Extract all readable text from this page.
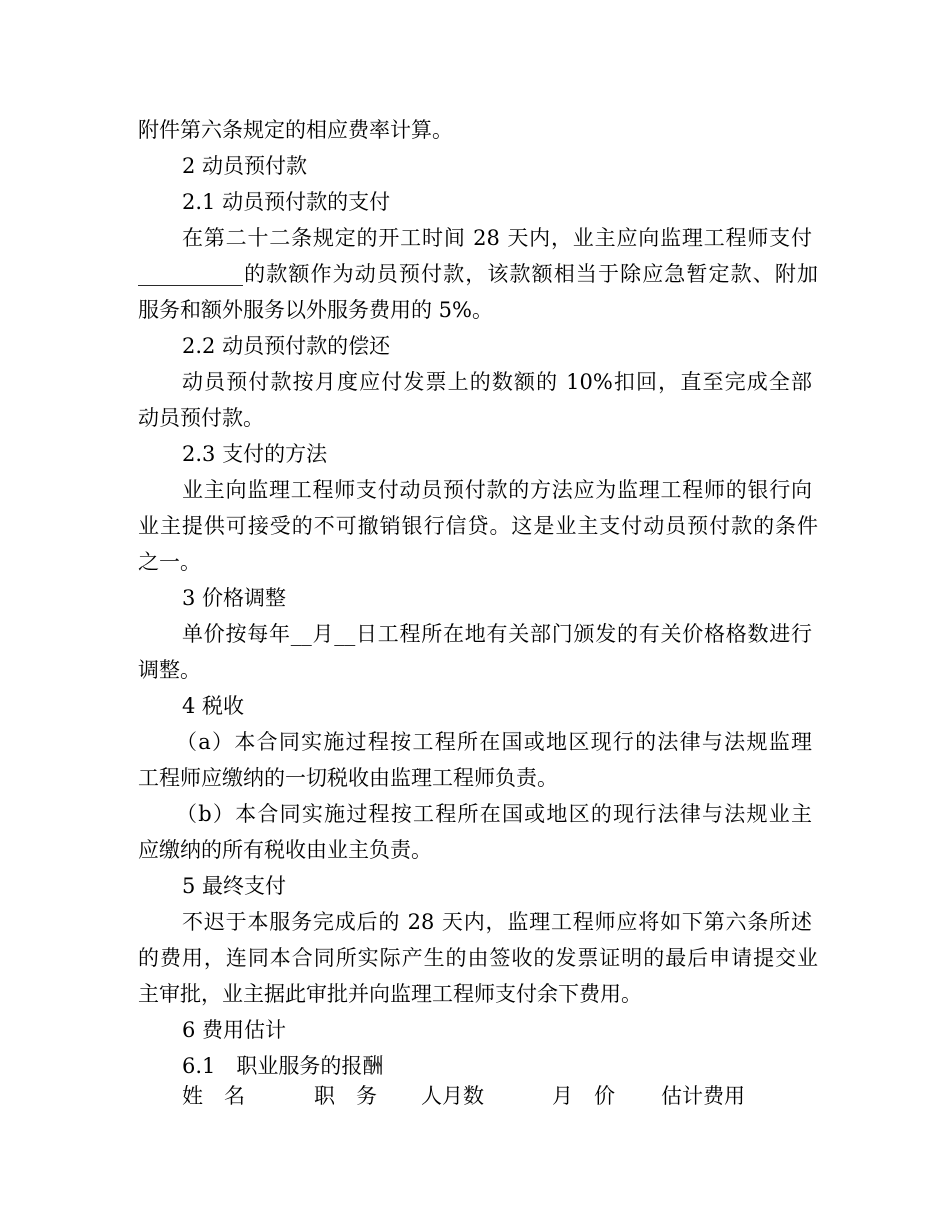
附件第六条规定的相应费率计算。
2 动员预付款
2.1 动员预付款的支付
在第二十二条规定的开工时间 28 天内，业主应向监理工程师支付
__________的款额作为动员预付款，该款额相当于除应急暂定款、附加
服务和额外服务以外服务费用的 5%。
2.2 动员预付款的偿还
动员预付款按月度应付发票上的数额的 10%扣回，直至完成全部
动员预付款。
2.3 支付的方法
业主向监理工程师支付动员预付款的方法应为监理工程师的银行向
业主提供可接受的不可撤销银行信贷。这是业主支付动员预付款的条件
之一。
3 价格调整
单价按每年__月__日工程所在地有关部门颁发的有关价格格数进行
调整。
4 税收
（a）本合同实施过程按工程所在国或地区现行的法律与法规监理
工程师应缴纳的一切税收由监理工程师负责。
（b）本合同实施过程按工程所在国或地区的现行法律与法规业主
应缴纳的所有税收由业主负责。
5 最终支付
不迟于本服务完成后的 28 天内，监理工程师应将如下第六条所述
的费用，连同本合同所实际产生的由签收的发票证明的最后申请提交业
主审批，业主据此审批并向监理工程师支付余下费用。
6 费用估计
6.1　职业服务的报酬
姓　名	职　务 人月数	月　价 估计费用
